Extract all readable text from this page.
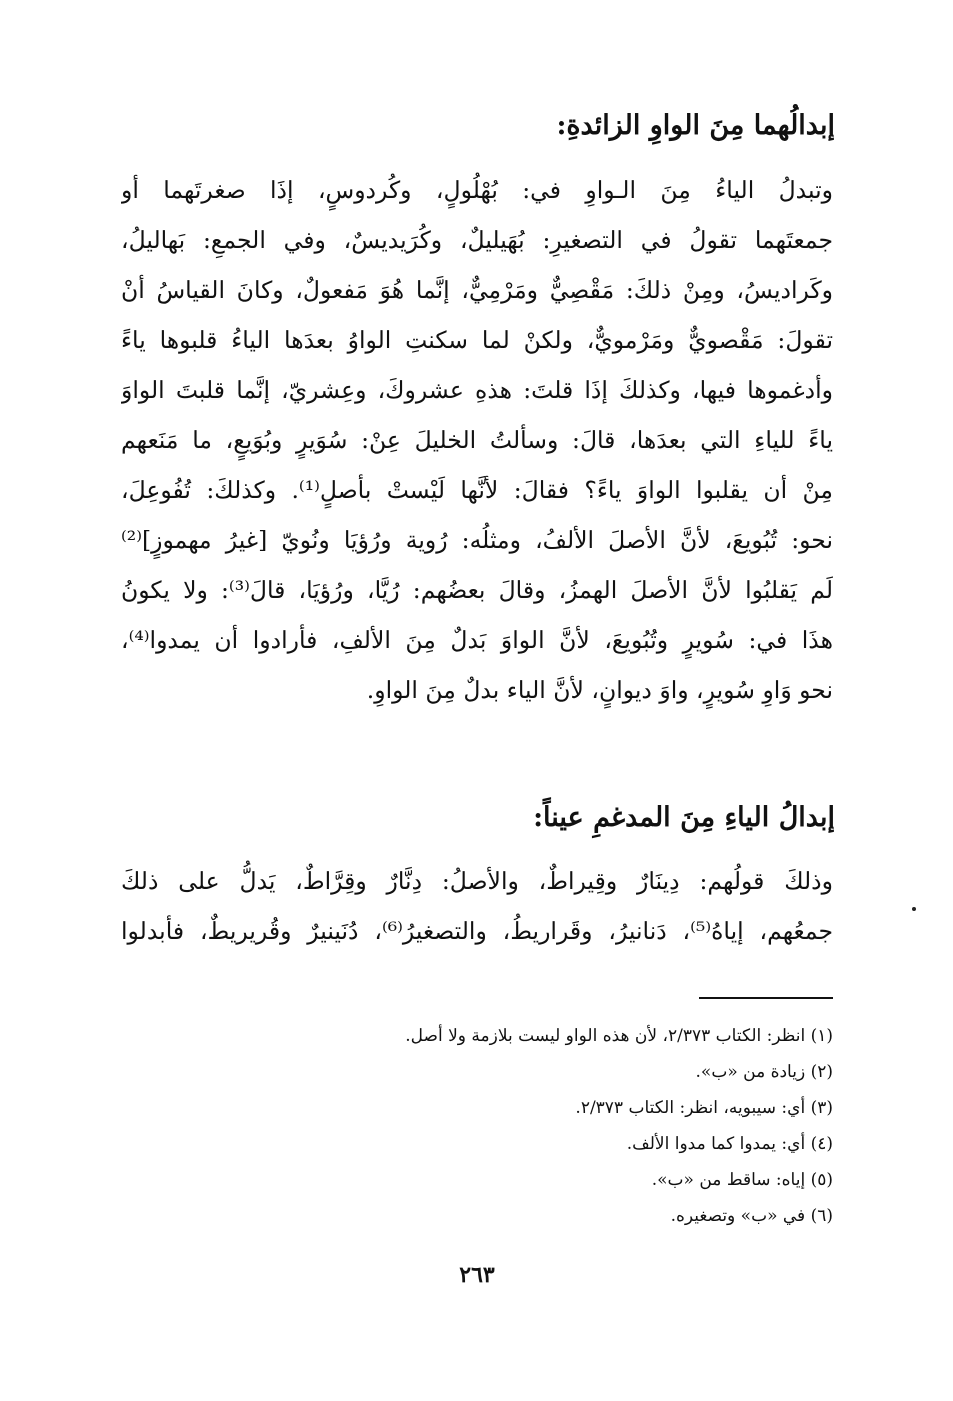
إبدالُهما مِنَ الواوِ الزائدةِ:
وتبدلُ الياءُ مِنَ الـواوِ في: بُهْلُولٍ، وكُردوسٍ، إذَا صغرتَهما أو
جمعتَهما تقولُ في التصغيرِ: بُهَيليلٌ، وكُرَيديسٌ، وفي الجمعِ: بَهاليلُ،
وكَراديسُ، ومِنْ ذلكَ: مَقْصِيٌّ ومَرْمِيٌّ، إنَّما هُوَ مَفعولٌ، وكانَ القياسُ أنْ
تقولَ: مَقْصويٌّ ومَرْمويٌّ، ولكنْ لما سكنتِ الواوُ بعدَها الياءُ قلبوها ياءً
وأدغموها فيها، وكذلكَ إذَا قلتَ: هذهِ عشروكَ، وعِشريّ، إنَّما قلبتَ الواوَ
ياءً للياءِ التي بعدَها، قالَ: وسألتُ الخليلَ عِنْ: سُوَيرٍ وبُوَيعٍ، ما مَنَعهم
مِنْ أن يقلبوا الواوَ ياءً؟ فقالَ: لأنَّها لَيْستْ بأصلٍ⁽¹⁾. وكذلكَ: تُفُوعِلَ،
نحو: تُبُويعَ، لأنَّ الأصلَ الألفُ، ومثلُه: رُوية ورُؤيَا ونُويّ [غيرُ مهموزٍ]⁽²⁾
لَم يَقلبُوا لأنَّ الأصلَ الهمزُ، وقالَ بعضُهم: رُيَّا، ورُؤيَا، قالَ⁽³⁾: ولا يكونُ
هذَا في: سُويرٍ وتُبُويعَ، لأنَّ الواوَ بَدلٌ مِنَ الألفِ، فأرادوا أن يمدوا⁽⁴⁾،
نحو وَاوِ سُويرٍ، واوَ ديوانٍ، لأنَّ الياء بدلٌ مِنَ الواوِ.
إبدالُ الياءِ مِنَ المدغمِ عيناً:
وذلكَ قولُهم: دِينَارٌ وقِيراطٌ، والأصلُ: دِنَّارٌ وقِرَّاطٌ، يَدلُّ على ذلكَ
جمعُهم، إياهُ⁽⁵⁾، دَنانيرُ، وقَراريطُ، والتصغيرُ⁽⁶⁾، دُنَينيرٌ وقُريريطٌ، فأبدلوا
(١) انظر: الكتاب ٢/٣٧٣، لأن هذه الواو ليست بلازمة ولا أصل.
(٢) زيادة من «ب».
(٣) أي: سيبويه، انظر: الكتاب ٢/٣٧٣.
(٤) أي: يمدوا كما مدوا الألف.
(٥) إياه: ساقط من «ب».
(٦) في «ب» وتصغيره.
٢٦٣
